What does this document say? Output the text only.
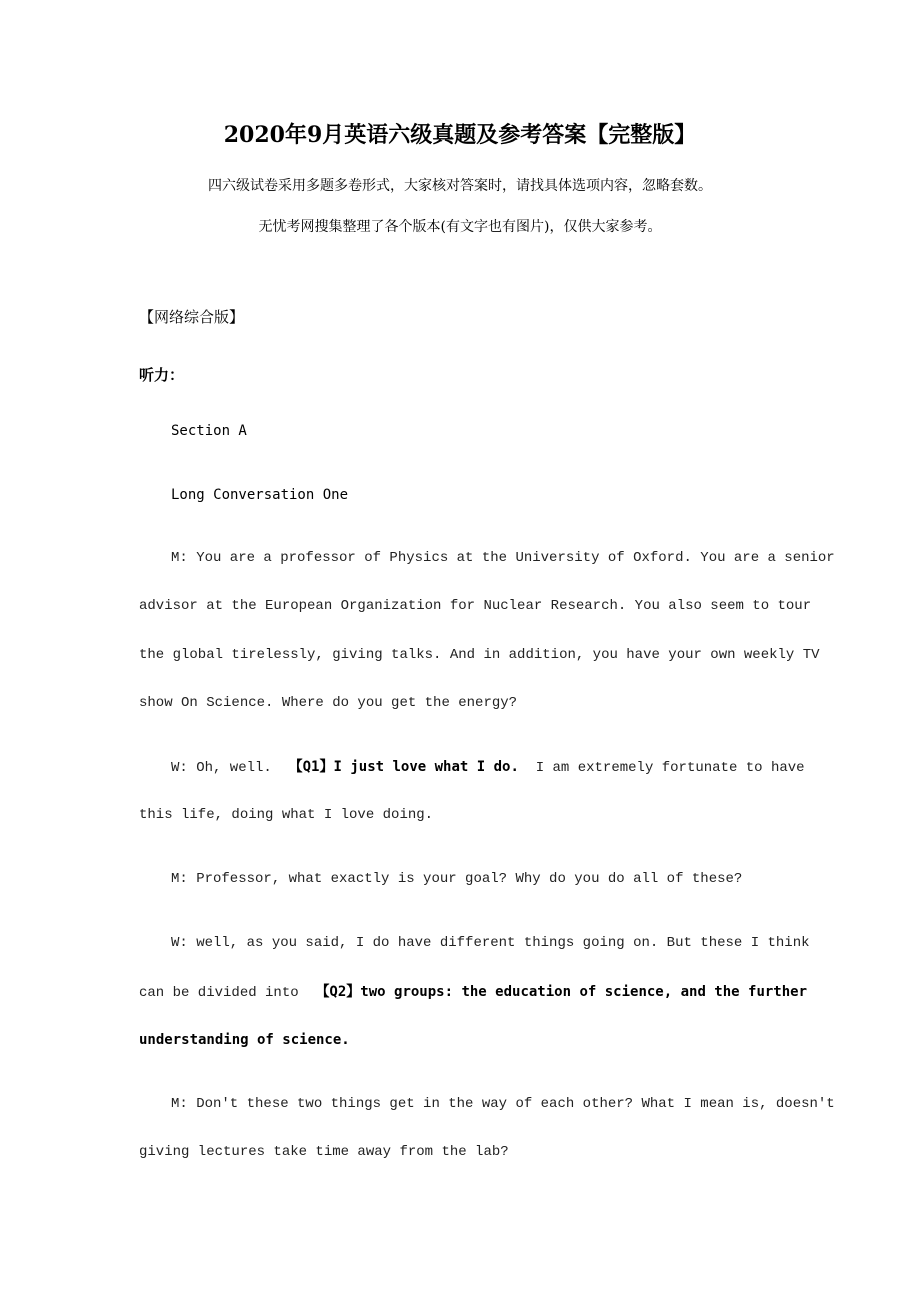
2020年9月英语六级真题及参考答案【完整版】
四六级试卷采用多题多卷形式，大家核对答案时，请找具体选项内容，忽略套数。
无忧考网搜集整理了各个版本(有文字也有图片)，仅供大家参考。
【网络综合版】
听力：
Section A
Long Conversation One
M: You are a professor of Physics at the University of Oxford. You are a senior
advisor at the European Organization for Nuclear Research. You also seem to tour
the global tirelessly, giving talks. And in addition, you have your own weekly TV
show On Science. Where do you get the energy?
W: Oh, well.  【Q1】I just love what I do.  I am extremely fortunate to have
this life, doing what I love doing.
M: Professor, what exactly is your goal? Why do you do all of these?
W: well, as you said, I do have different things going on. But these I think
can be divided into  【Q2】two groups: the education of science, and the further
understanding of science.
M: Don't these two things get in the way of each other? What I mean is, doesn't
giving lectures take time away from the lab?
